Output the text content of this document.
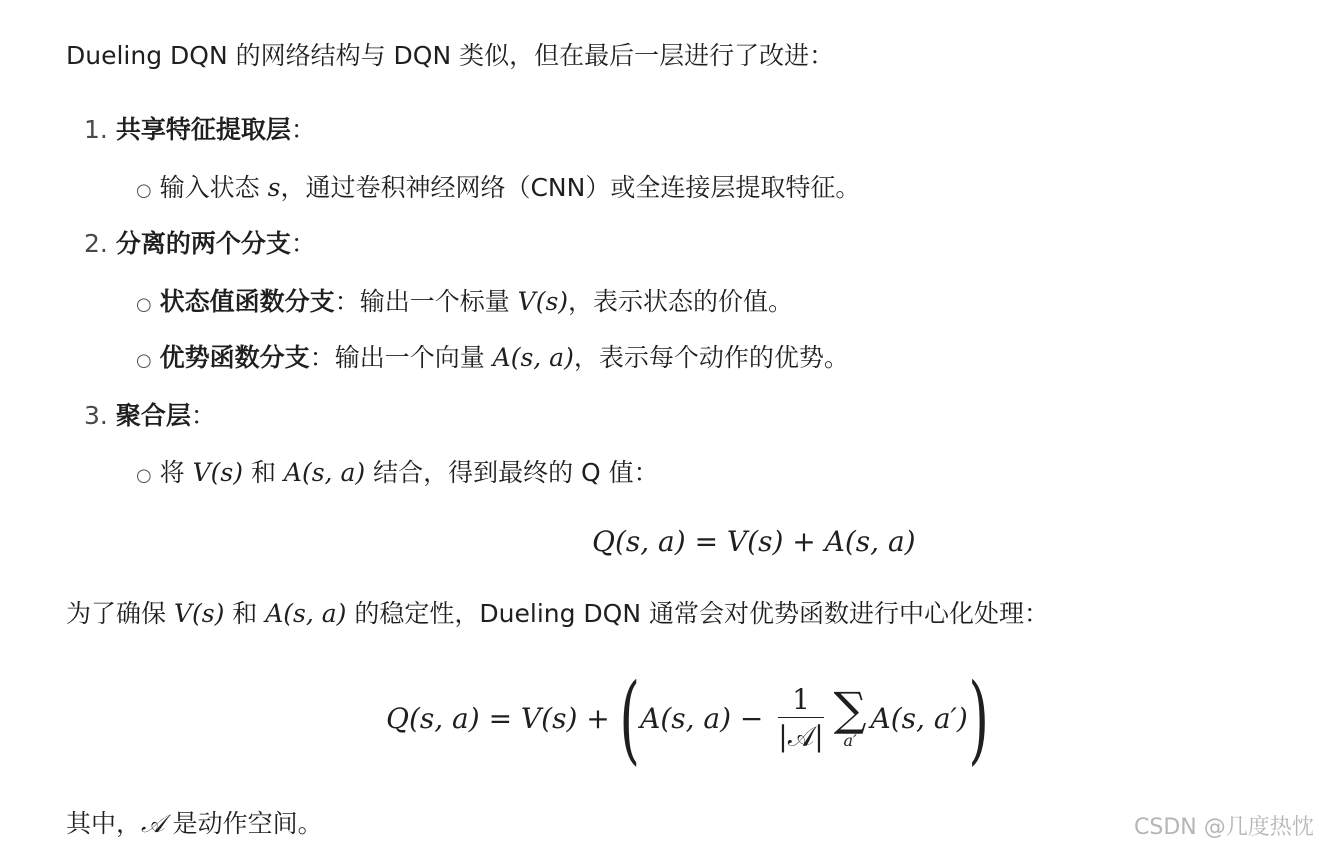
Dueling DQN 的网络结构与 DQN 类似，但在最后一层进行了改进：
1. 共享特征提取层：
○ 输入状态 s，通过卷积神经网络（CNN）或全连接层提取特征。
2. 分离的两个分支：
○ 状态值函数分支：输出一个标量 V(s)，表示状态的价值。
○ 优势函数分支：输出一个向量 A(s, a)，表示每个动作的优势。
3. 聚合层：
○ 将 V(s) 和 A(s, a) 结合，得到最终的 Q 值：
Q(s, a) = V(s) + A(s, a)
为了确保 V(s) 和 A(s, a) 的稳定性，Dueling DQN 通常会对优势函数进行中心化处理：
Q(s, a) = V(s) + (A(s, $a) - \frac{1}{\text{|𝒜|}}$ ∑
a′
A(s, a′))
其中，𝒜 是动作空间。	CSDN @几度热忱
